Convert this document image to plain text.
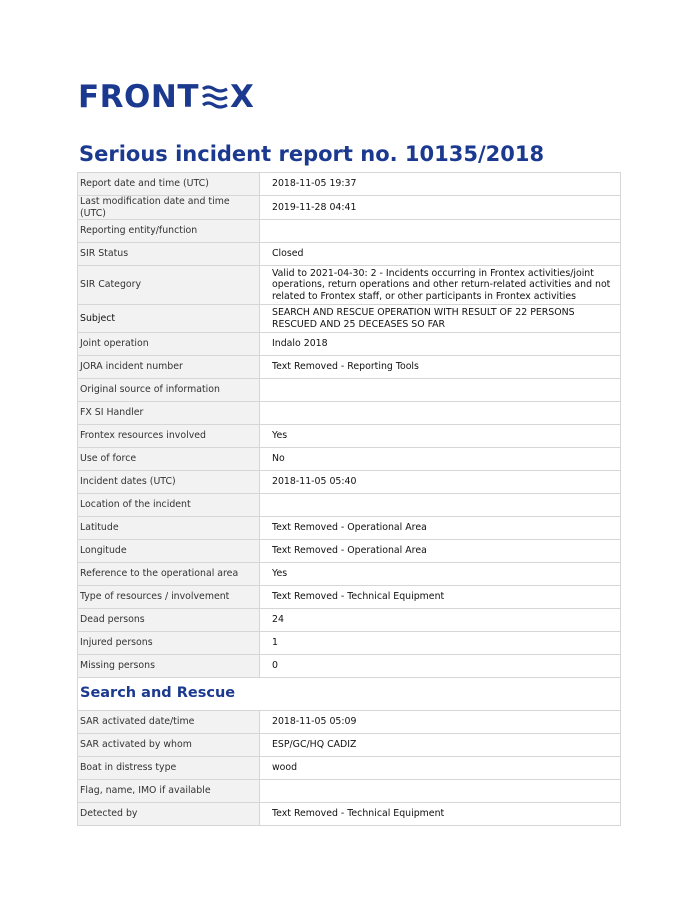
FRONT X
Serious incident report no. 10135/2018
Report date and time (UTC)	2018-11-05 19:37
Last modification date and time (UTC)	2019-11-28 04:41
Reporting entity/function	
SIR Status	Closed
SIR Category	Valid to 2021-04-30: 2 - Incidents occurring in Frontex activities/joint operations, return operations and other return-related activities and not related to Frontex staff, or other participants in Frontex activities
Subject	SEARCH AND RESCUE OPERATION WITH RESULT OF 22 PERSONS RESCUED AND 25 DECEASES SO FAR
Joint operation	Indalo 2018
JORA incident number	Text Removed - Reporting Tools
Original source of information	
FX SI Handler	
Frontex resources involved	Yes
Use of force	No
Incident dates (UTC)	2018-11-05 05:40
Location of the incident	
Latitude	Text Removed - Operational Area
Longitude	Text Removed - Operational Area
Reference to the operational area	Yes
Type of resources / involvement	Text Removed - Technical Equipment
Dead persons	24
Injured persons	1
Missing persons	0
Search and Rescue	
SAR activated date/time	2018-11-05 05:09
SAR activated by whom	ESP/GC/HQ CADIZ
Boat in distress type	wood
Flag, name, IMO if available	
Detected by	Text Removed - Technical Equipment
